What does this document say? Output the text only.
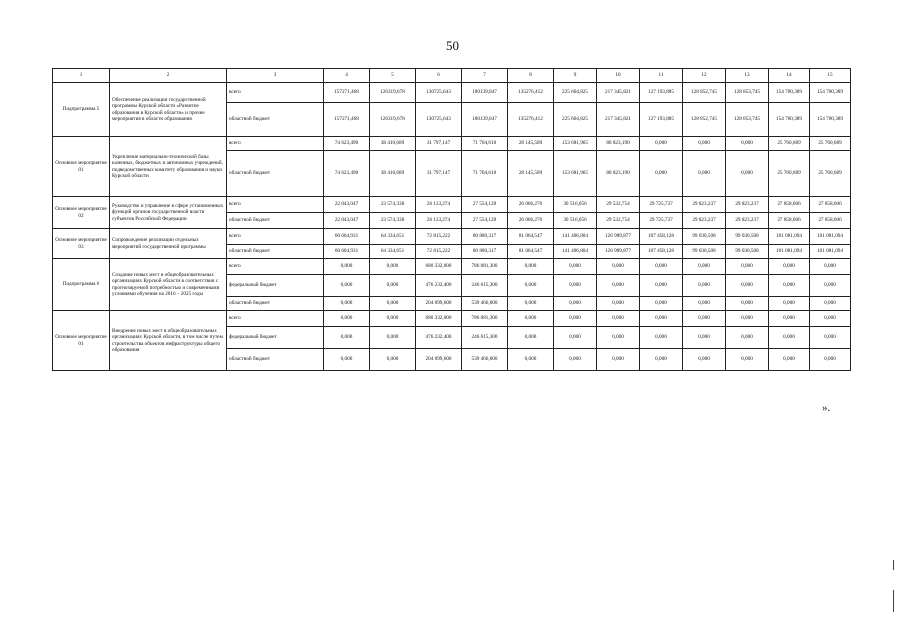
50
1	2	3	4	5	6	7	8	9	10	11	12	13	14	15
Подпрограмма 5	Обеспечение реализации государственной программы Курской области «Развитие образования в Курской области» и прочие мероприятия в области образования	всего	157271,468	126319,678	130725,643	180139,047	135276,412	225 604,825	217 345,821	127 193,885	128 852,745	128 853,745	154 700,389	154 700,389
		областной бюджет	157271,468	126319,678	130725,643	180139,047	135276,412	225 604,825	217 345,821	127 193,885	128 852,745	128 853,745	154 700,389	154 700,389
Основное мероприятие 01	Укрепление материально-технической базы казенных, бюджетных и автономных учреждений, подведомственных комитету образования и науки Курской области	всего	74 623,490	38 410,689	31 797,147	71 704,610	28 145,589	153 681,965	80 823,190	0,000	0,000	0,000	25 760,689	25 760,689
		областной бюджет	74 623,490	38 410,689	31 797,147	71 704,610	28 145,589	153 681,965	80 823,190	0,000	0,000	0,000	25 760,689	25 760,689
Основное мероприятие 02	Руководство и управление в сфере установленных функций органов государственной власти субъектов Российской Федерации	всего	22 043,047	23 574,338	26 113,274	27 554,120	26 066,276	30 516,056	29 532,754	29 725,737	29 823,237	29 823,237	27 858,606	27 858,606
		областной бюджет	22 043,047	23 574,338	26 113,274	27 554,120	26 066,276	30 516,056	29 532,754	29 725,737	29 823,237	29 823,237	27 858,606	27 858,606
Основное мероприятие 03	Сопровождение реализации отдельных мероприятий государственной программы	всего	60 604,931	64 334,651	72 815,222	80 880,317	81 064,547	141 406,804	126 989,877	107 458,128	99 030,508	99 030,508	101 081,094	101 081,094
		областной бюджет	60 604,931	64 334,651	72 815,222	80 880,317	81 064,547	141 406,804	126 989,877	107 458,128	99 030,508	99 030,508	101 081,094	101 081,094
Подпрограмма 6	Создание новых мест в общеобразовательных организациях Курской области в соответствии с прогнозируемой потребностью и современными условиями обучения на 2016 – 2025 годы	всего	0,000	0,000	680 332,000	786 081,300	0,000	0,000	0,000	0,000	0,000	0,000	0,000	0,000
		федеральный бюджет	0,000	0,000	476 232,400	246 615,300	0,000	0,000	0,000	0,000	0,000	0,000	0,000	0,000
		областной бюджет	0,000	0,000	204 099,600	539 466,000	0,000	0,000	0,000	0,000	0,000	0,000	0,000	0,000
Основное мероприятие 01	Внедрение новых мест в общеобразовательных организациях Курской области, в том числе путем строительства объектов инфраструктуры общего образования	всего	0,000	0,000	680 332,000	786 081,300	0,000	0,000	0,000	0,000	0,000	0,000	0,000	0,000
		федеральный бюджет	0,000	0,000	476 232,400	246 615,300	0,000	0,000	0,000	0,000	0,000	0,000	0,000	0,000
		областной бюджет	0,000	0,000	204 099,600	539 466,000	0,000	0,000	0,000	0,000	0,000	0,000	0,000	0,000
».
